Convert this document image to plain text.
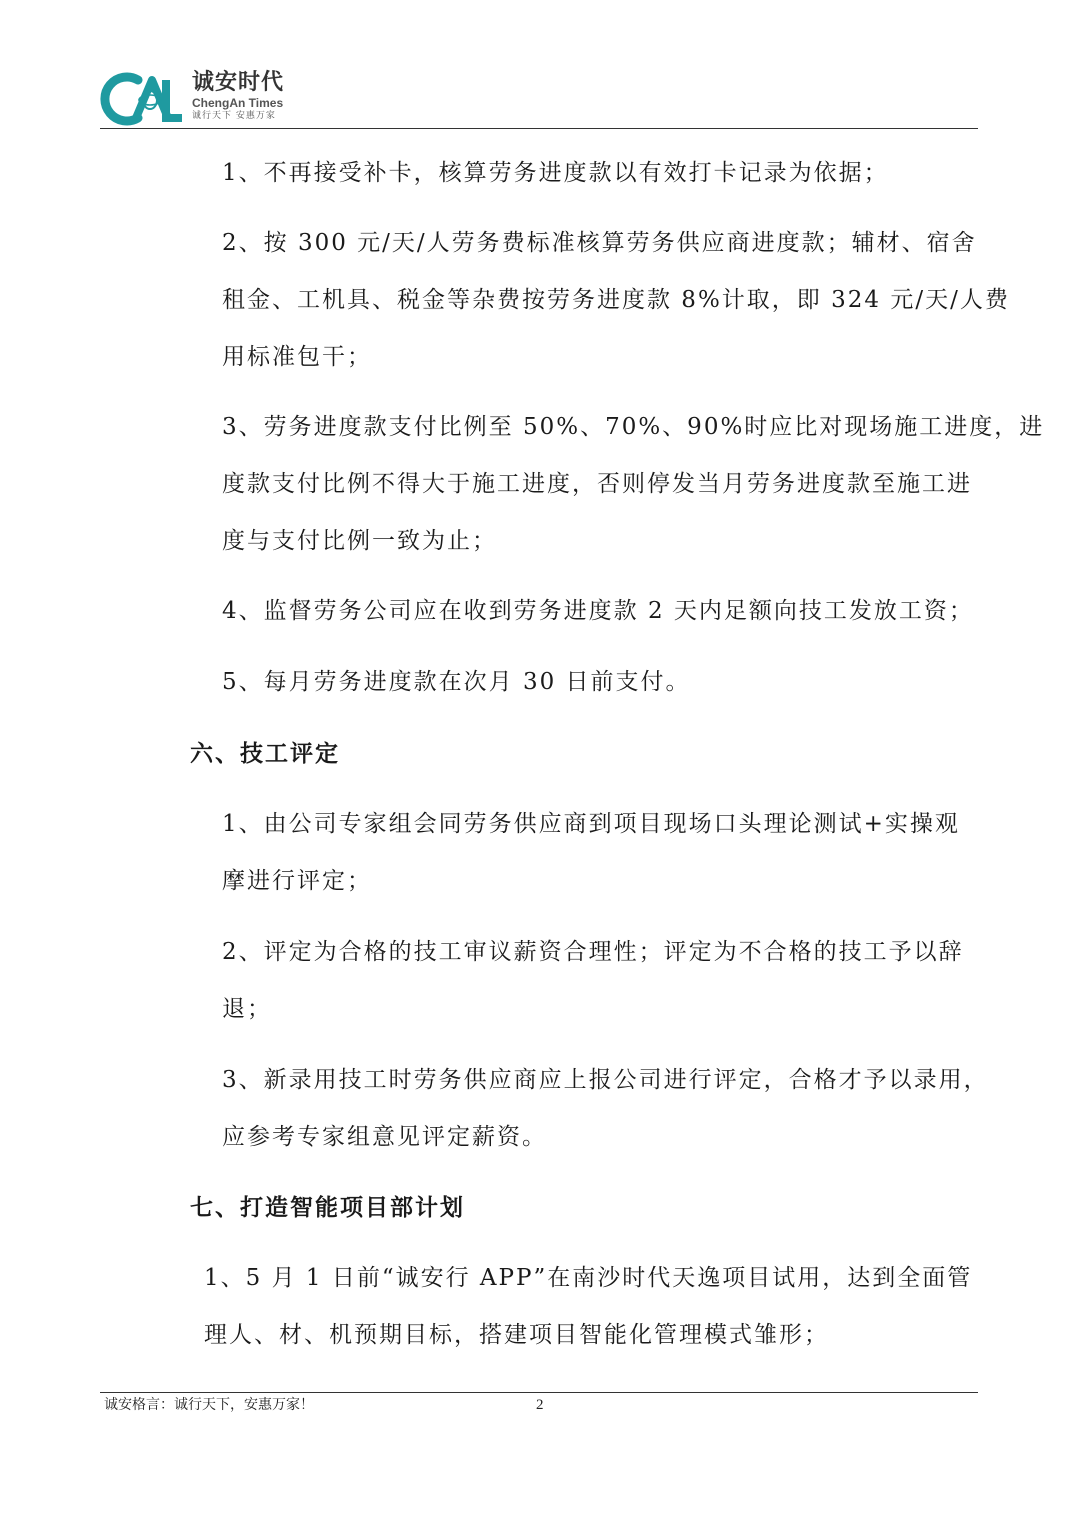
诚安时代
ChengAn Times
诚行天下 安惠万家
1、不再接受补卡，核算劳务进度款以有效打卡记录为依据；
2、按 300 元/天/人劳务费标准核算劳务供应商进度款；辅材、宿舍
租金、工机具、税金等杂费按劳务进度款 8%计取，即 324 元/天/人费
用标准包干；
3、劳务进度款支付比例至 50%、70%、90%时应比对现场施工进度，进
度款支付比例不得大于施工进度，否则停发当月劳务进度款至施工进
度与支付比例一致为止；
4、监督劳务公司应在收到劳务进度款 2 天内足额向技工发放工资；
5、每月劳务进度款在次月 30 日前支付。
六、技工评定
1、由公司专家组会同劳务供应商到项目现场口头理论测试+实操观
摩进行评定；
2、评定为合格的技工审议薪资合理性；评定为不合格的技工予以辞
退；
3、新录用技工时劳务供应商应上报公司进行评定，合格才予以录用，
应参考专家组意见评定薪资。
七、打造智能项目部计划
1、5 月 1 日前“诚安行 APP”在南沙时代天逸项目试用，达到全面管
理人、材、机预期目标，搭建项目智能化管理模式雏形；
诚安格言：诚行天下，安惠万家！	2
